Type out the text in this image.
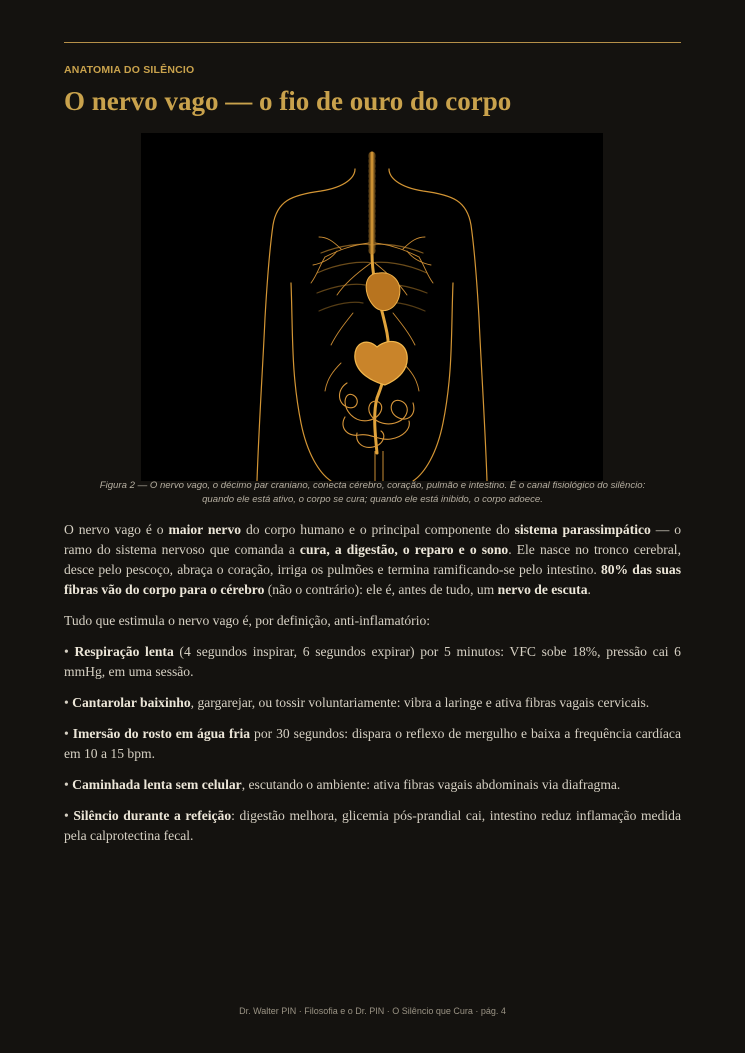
ANATOMIA DO SILÊNCIO
O nervo vago — o fio de ouro do corpo
Figura 2 — O nervo vago, o décimo par craniano, conecta cérebro, coração, pulmão e intestino. É o canal fisiológico do silêncio:
quando ele está ativo, o corpo se cura; quando ele está inibido, o corpo adoece.

O nervo vago é o maior nervo do corpo humano e o principal componente do sistema parassimpático — o ramo do sistema nervoso que comanda a cura, a digestão, o reparo e o sono. Ele nasce no tronco cerebral, desce pelo pescoço, abraça o coração, irriga os pulmões e termina ramificando-se pelo intestino. 80% das suas fibras vão do corpo para o cérebro (não o contrário): ele é, antes de tudo, um nervo de escuta.

Tudo que estimula o nervo vago é, por definição, anti-inflamatório:

• Respiração lenta (4 segundos inspirar, 6 segundos expirar) por 5 minutos: VFC sobe 18%, pressão cai 6 mmHg, em uma sessão.

• Cantarolar baixinho, gargarejar, ou tossir voluntariamente: vibra a laringe e ativa fibras vagais cervicais.

• Imersão do rosto em água fria por 30 segundos: dispara o reflexo de mergulho e baixa a frequência cardíaca em 10 a 15 bpm.

• Caminhada lenta sem celular, escutando o ambiente: ativa fibras vagais abdominais via diafragma.

• Silêncio durante a refeição: digestão melhora, glicemia pós-prandial cai, intestino reduz inflamação medida pela calprotectina fecal.

Dr. Walter PIN · Filosofia e o Dr. PIN · O Silêncio que Cura · pág. 4
